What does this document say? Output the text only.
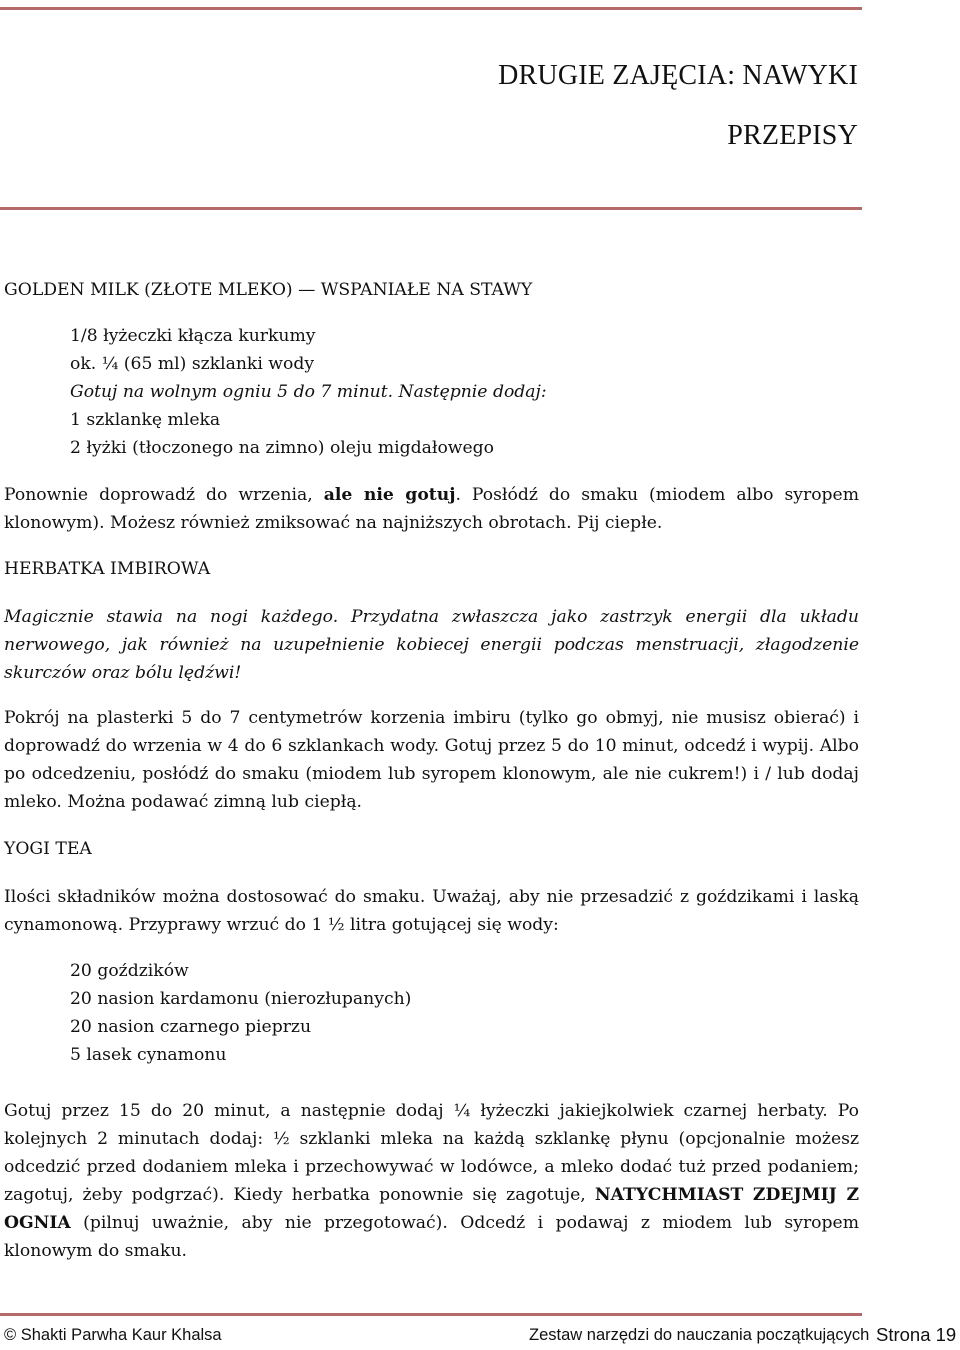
DRUGIE ZAJĘCIA: NAWYKI
PRZEPISY
GOLDEN MILK (ZŁOTE MLEKO) — WSPANIAŁE NA STAWY
1/8 łyżeczki kłącza kurkumy
ok. ¼ (65 ml) szklanki wody
Gotuj na wolnym ogniu 5 do 7 minut. Następnie dodaj:
1 szklankę mleka
2 łyżki (tłoczonego na zimno) oleju migdałowego
Ponownie doprowadź do wrzenia, ale nie gotuj. Posłódź do smaku (miodem albo syropem klonowym). Możesz również zmiksować na najniższych obrotach. Pij ciepłe.
HERBATKA IMBIROWA
Magicznie stawia na nogi każdego. Przydatna zwłaszcza jako zastrzyk energii dla układu nerwowego, jak również na uzupełnienie kobiecej energii podczas menstruacji, złagodzenie skurczów oraz bólu lędźwi!
Pokrój na plasterki 5 do 7 centymetrów korzenia imbiru (tylko go obmyj, nie musisz obierać) i doprowadź do wrzenia w 4 do 6 szklankach wody. Gotuj przez 5 do 10 minut, odcedź i wypij. Albo po odcedzeniu, posłódź do smaku (miodem lub syropem klonowym, ale nie cukrem!) i / lub dodaj mleko. Można podawać zimną lub ciepłą.
YOGI TEA
Ilości składników można dostosować do smaku. Uważaj, aby nie przesadzić z goździkami i laską cynamonową. Przyprawy wrzuć do 1 ½ litra gotującej się wody:
20 goździków
20 nasion kardamonu (nierozłupanych)
20 nasion czarnego pieprzu
5 lasek cynamonu
Gotuj przez 15 do 20 minut, a następnie dodaj ¼ łyżeczki jakiejkolwiek czarnej herbaty. Po kolejnych 2 minutach dodaj: ½ szklanki mleka na każdą szklankę płynu (opcjonalnie możesz odcedzić przed dodaniem mleka i przechowywać w lodówce, a mleko dodać tuż przed podaniem; zagotuj, żeby podgrzać). Kiedy herbatka ponownie się zagotuje, NATYCHMIAST ZDEJMIJ Z OGNIA (pilnuj uważnie, aby nie przegotować). Odcedź i podawaj z miodem lub syropem klonowym do smaku.
© Shakti Parwha Kaur Khalsa	Zestaw narzędzi do nauczania początkujących Strona 19
